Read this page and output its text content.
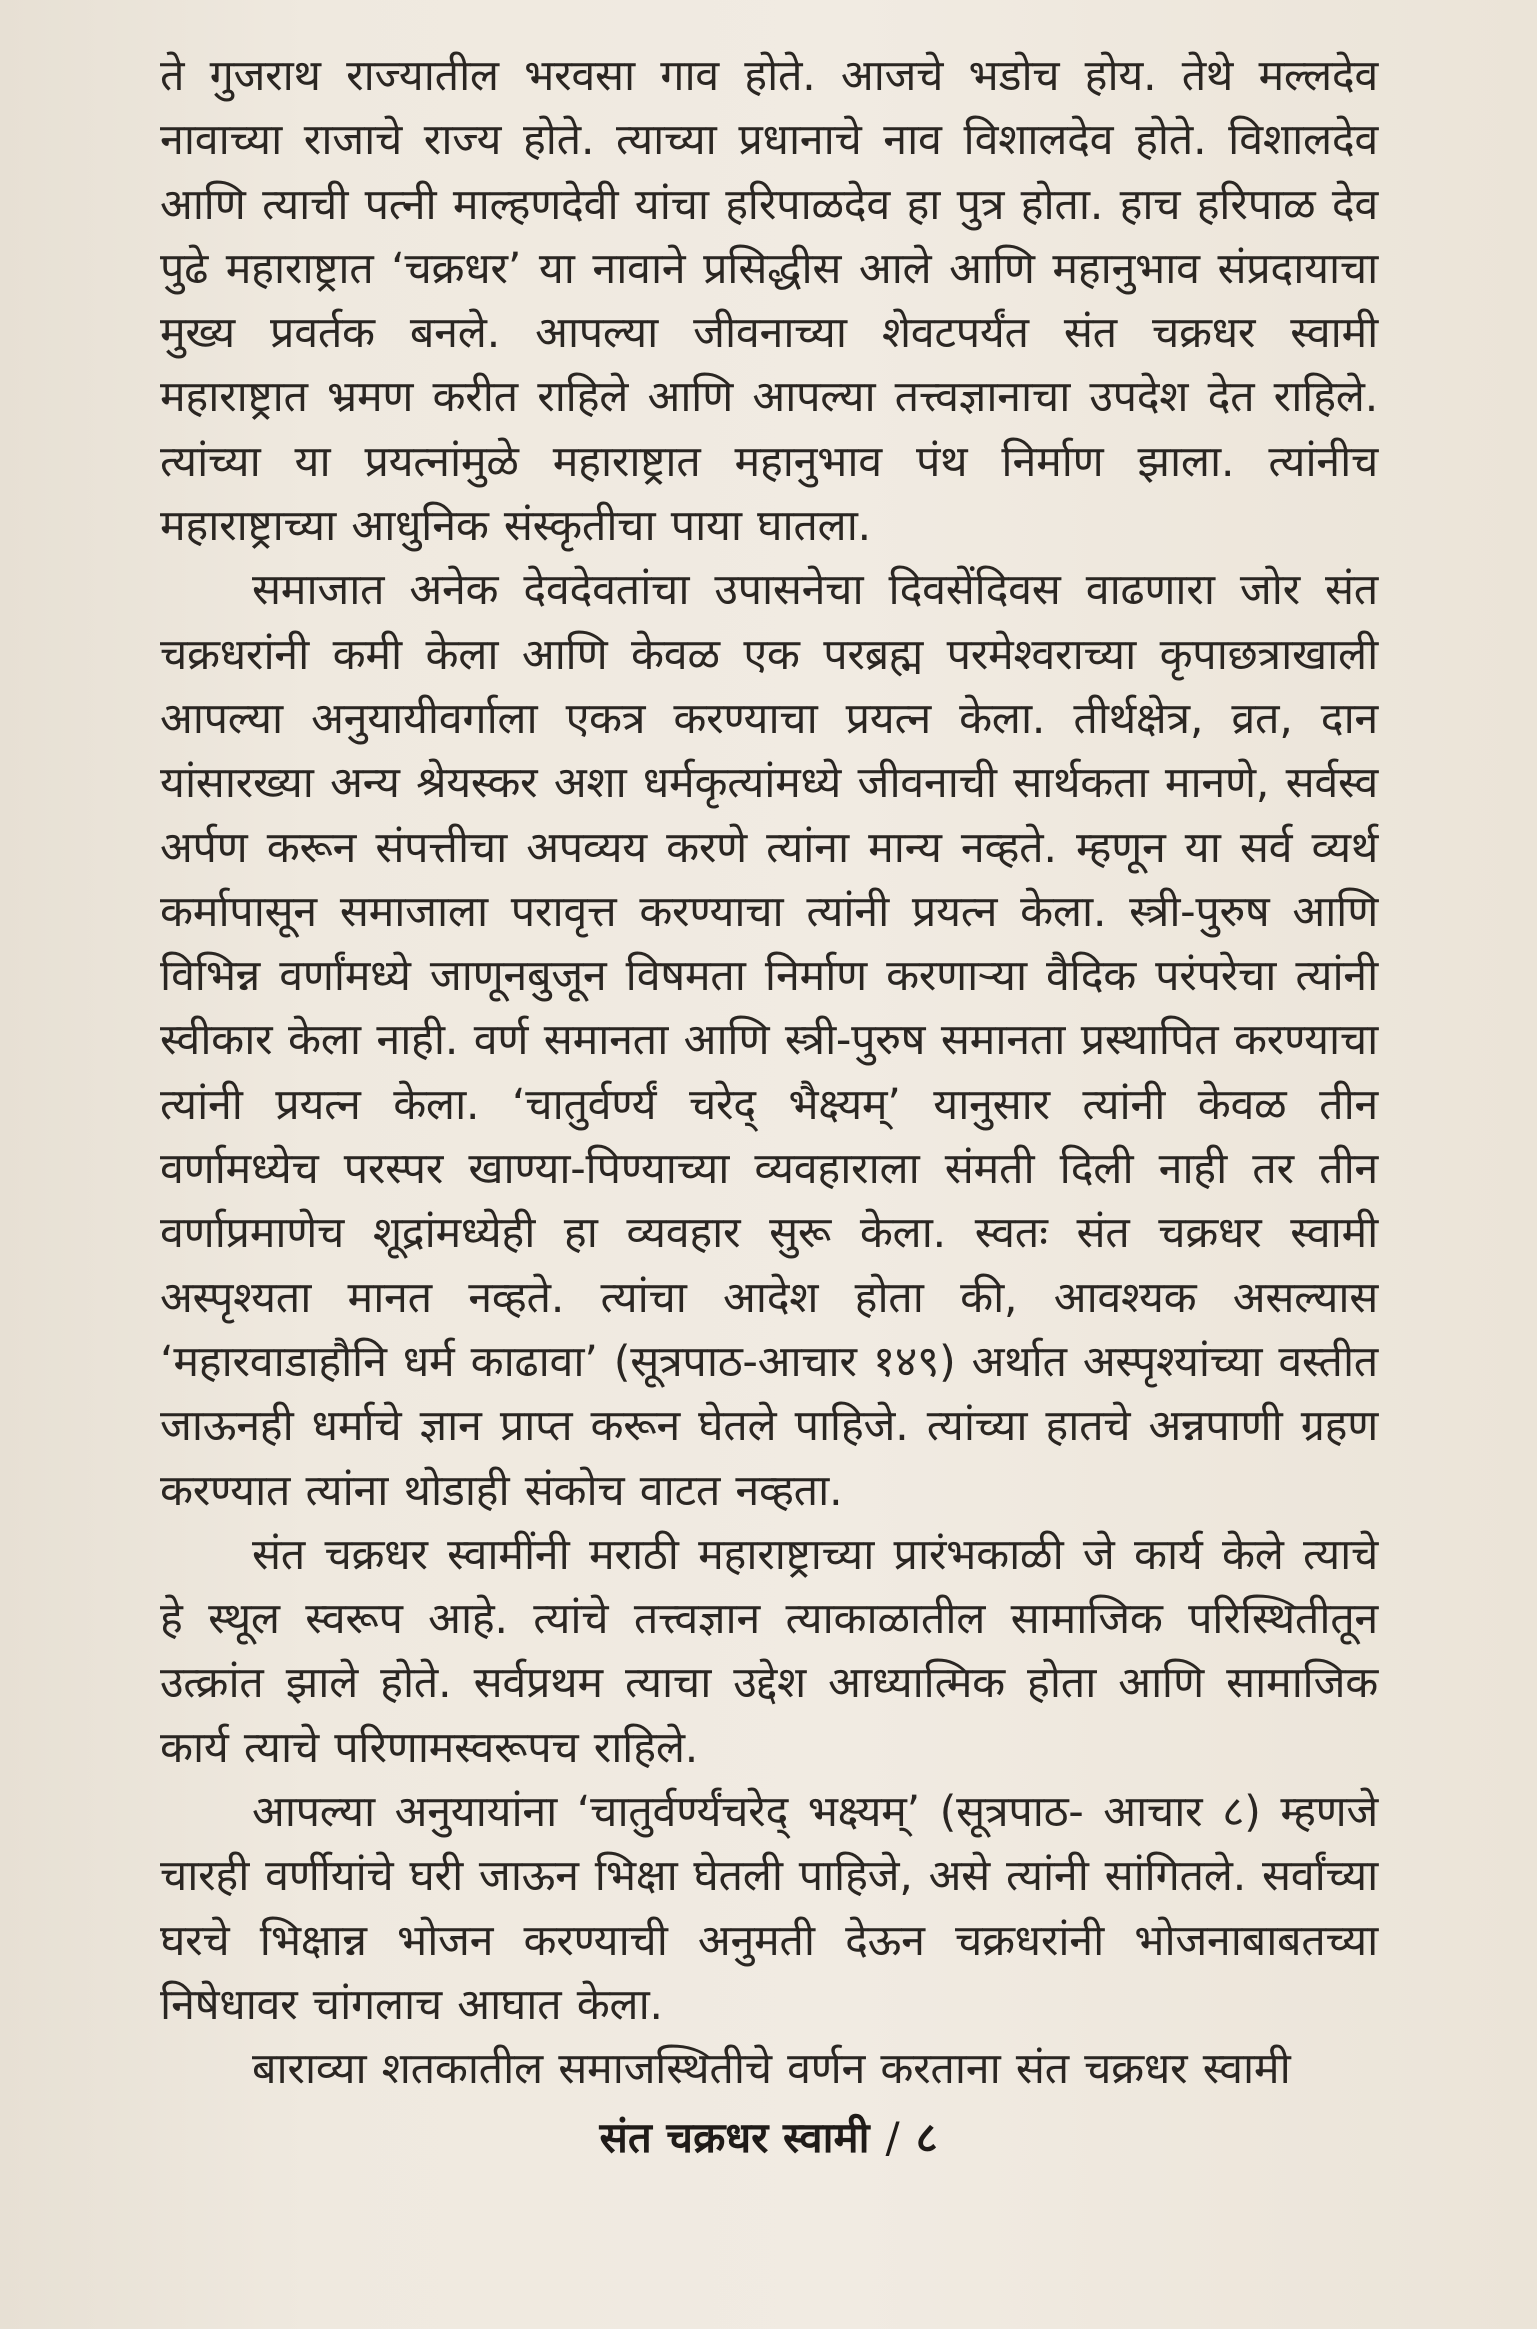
ते गुजराथ राज्यातील भरवसा गाव होते. आजचे भडोच होय. तेथे मल्लदेव नावाच्या राजाचे राज्य होते. त्याच्या प्रधानाचे नाव विशालदेव होते. विशालदेव आणि त्याची पत्नी माल्हणदेवी यांचा हरिपाळदेव हा पुत्र होता. हाच हरिपाळ देव पुढे महाराष्ट्रात ‘चक्रधर’ या नावाने प्रसिद्धीस आले आणि महानुभाव संप्रदायाचा मुख्य प्रवर्तक बनले. आपल्या जीवनाच्या शेवटपर्यंत संत चक्रधर स्वामी महाराष्ट्रात भ्रमण करीत राहिले आणि आपल्या तत्त्वज्ञानाचा उपदेश देत राहिले. त्यांच्या या प्रयत्नांमुळे महाराष्ट्रात महानुभाव पंथ निर्माण झाला. त्यांनीच महाराष्ट्राच्या आधुनिक संस्कृतीचा पाया घातला.

समाजात अनेक देवदेवतांचा उपासनेचा दिवसेंदिवस वाढणारा जोर संत चक्रधरांनी कमी केला आणि केवळ एक परब्रह्म परमेश्वराच्या कृपाछत्राखाली आपल्या अनुयायीवर्गाला एकत्र करण्याचा प्रयत्न केला. तीर्थक्षेत्र, व्रत, दान यांसारख्या अन्य श्रेयस्कर अशा धर्मकृत्यांमध्ये जीवनाची सार्थकता मानणे, सर्वस्व अर्पण करून संपत्तीचा अपव्यय करणे त्यांना मान्य नव्हते. म्हणून या सर्व व्यर्थ कर्मापासून समाजाला परावृत्त करण्याचा त्यांनी प्रयत्न केला. स्त्री-पुरुष आणि विभिन्न वर्णांमध्ये जाणूनबुजून विषमता निर्माण करणाऱ्या वैदिक परंपरेचा त्यांनी स्वीकार केला नाही. वर्ण समानता आणि स्त्री-पुरुष समानता प्रस्थापित करण्याचा त्यांनी प्रयत्न केला. ‘चातुर्वर्ण्यं चरेद् भैक्ष्यम्’ यानुसार त्यांनी केवळ तीन वर्णामध्येच परस्पर खाण्या-पिण्याच्या व्यवहाराला संमती दिली नाही तर तीन वर्णाप्रमाणेच शूद्रांमध्येही हा व्यवहार सुरू केला. स्वतः संत चक्रधर स्वामी अस्पृश्यता मानत नव्हते. त्यांचा आदेश होता की, आवश्यक असल्यास ‘महारवाडाहौनि धर्म काढावा’ (सूत्रपाठ-आचार १४९) अर्थात अस्पृश्यांच्या वस्तीत जाऊनही धर्माचे ज्ञान प्राप्त करून घेतले पाहिजे. त्यांच्या हातचे अन्नपाणी ग्रहण करण्यात त्यांना थोडाही संकोच वाटत नव्हता.

संत चक्रधर स्वामींनी मराठी महाराष्ट्राच्या प्रारंभकाळी जे कार्य केले त्याचे हे स्थूल स्वरूप आहे. त्यांचे तत्त्वज्ञान त्याकाळातील सामाजिक परिस्थितीतून उत्क्रांत झाले होते. सर्वप्रथम त्याचा उद्देश आध्यात्मिक होता आणि सामाजिक कार्य त्याचे परिणामस्वरूपच राहिले.

आपल्या अनुयायांना ‘चातुर्वर्ण्यंचरेद् भक्ष्यम्’ (सूत्रपाठ- आचार ८) म्हणजे चारही वर्णीयांचे घरी जाऊन भिक्षा घेतली पाहिजे, असे त्यांनी सांगितले. सर्वांच्या घरचे भिक्षान्न भोजन करण्याची अनुमती देऊन चक्रधरांनी भोजनाबाबतच्या निषेधावर चांगलाच आघात केला.

बाराव्या शतकातील समाजस्थितीचे वर्णन करताना संत चक्रधर स्वामी

संत चक्रधर स्वामी / ८
